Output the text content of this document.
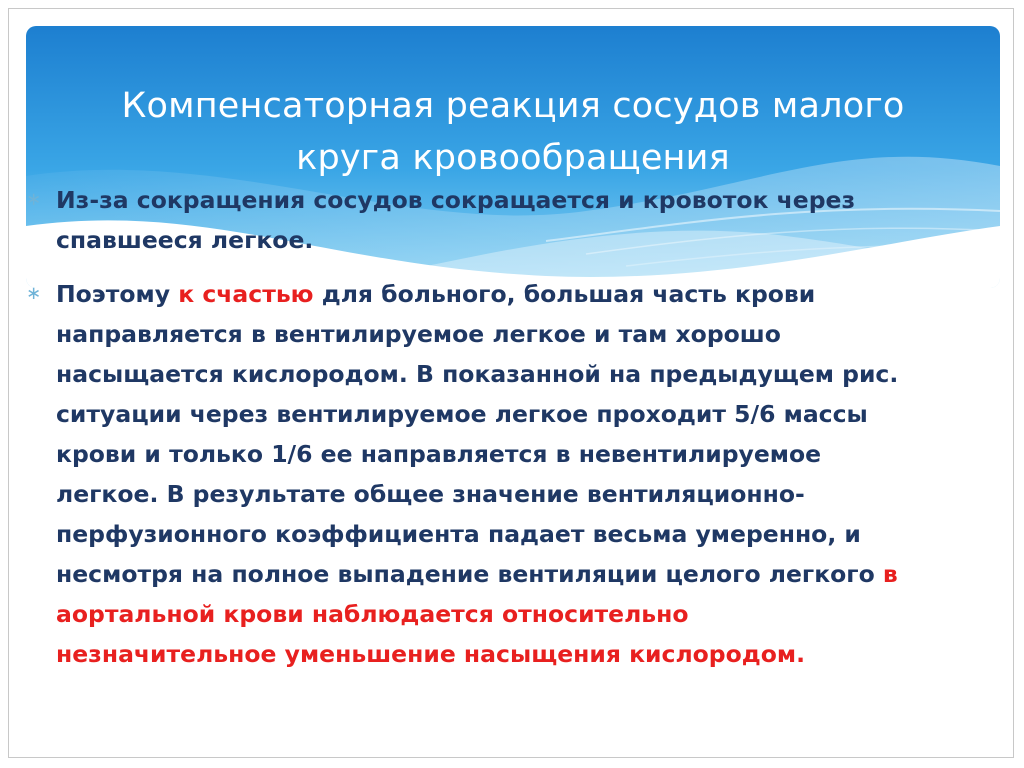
Компенсаторная реакция сосудов малого
круга кровообращения
∗ Из-за сокращения сосудов сокращается и кровоток через
спавшееся легкое.
∗ Поэтому к счастью для больного, большая часть крови
направляется в вентилируемое легкое и там хорошо
насыщается кислородом. В показанной на предыдущем рис.
ситуации через вентилируемое легкое проходит 5/6 массы
крови и только 1/6 ее направляется в невентилируемое
легкое. В результате общее значение вентиляционно-
перфузионного коэффициента падает весьма умеренно, и
несмотря на полное выпадение вентиляции целого легкого в
аортальной крови наблюдается относительно
незначительное уменьшение насыщения кислородом.
